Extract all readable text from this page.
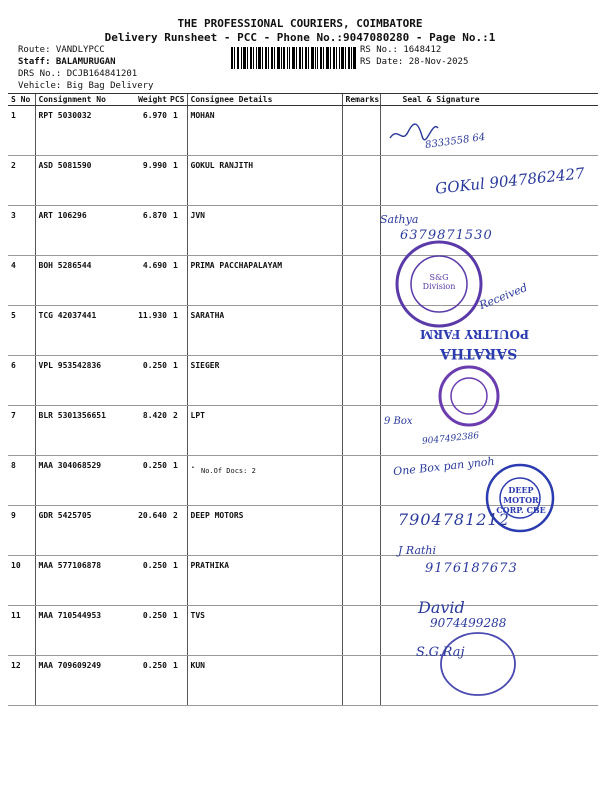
THE PROFESSIONAL COURIERS, COIMBATORE
Delivery Runsheet - PCC - Phone No.:9047080280 - Page No.:1
Route: VANDLYPCC
Staff: BALAMURUGAN
DRS No.: DCJB164841201
Vehicle: Big Bag Delivery
RS No.: 1648412
RS Date: 28-Nov-2025
S No	Consignment No	Weight	PCS	Consignee Details	Remarks	Seal & Signature
1	RPT 5030032	6.970	1	MOHAN		
2	ASD 5081590	9.990	1	GOKUL RANJITH		
3	ART 106296	6.870	1	JVN		
4	BOH 5286544	4.690	1	PRIMA PACCHAPALAYAM		
5	TCG 42037441	11.930	1	SARATHA		
6	VPL 953542836	0.250	1	SIEGER		
7	BLR 5301356651	8.420	2	LPT		
8	MAA 304068529	0.250	1	.		
9	GDR 5425705	20.640	2	DEEP MOTORS		
10	MAA 577106878	0.250	1	PRATHIKA		
11	MAA 710544953	0.250	1	TVS		
12	MAA 709609249	0.250	1	KUN		
No.Of Docs: 2
8333558 64
GOKul 9047862427
Sathya
6379871530
Received
S&G Division
POULTRY FARM
SARATHA
9 Box
9047492386
One Box pan ynoh
DEEP MOTOR CORP. CBE
7904781212
J Rathi
9176187673
David
9074499288
S.G.Raj
